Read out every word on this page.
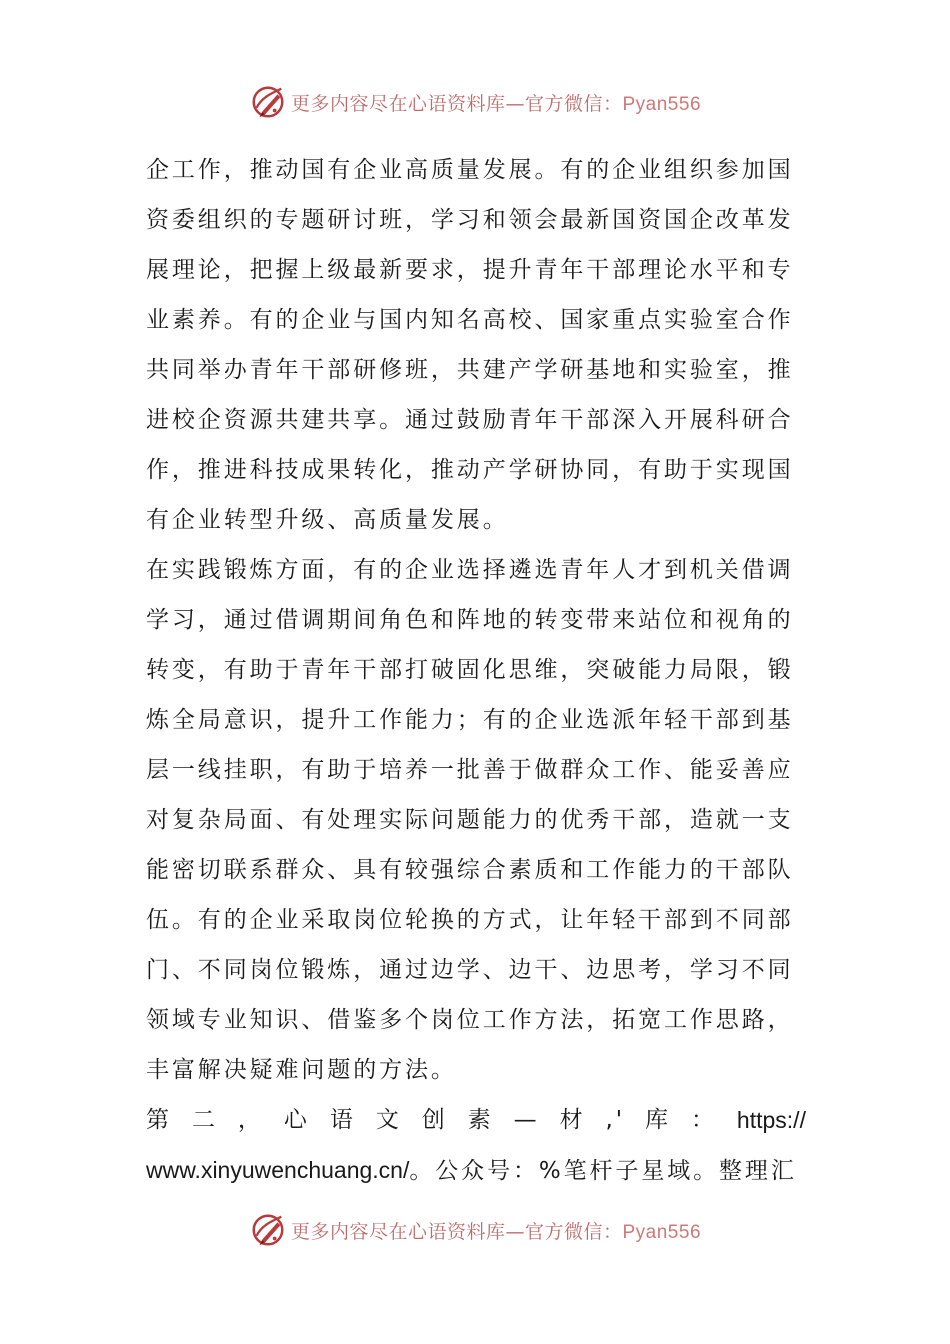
更多内容尽在心语资料库—官方微信：Pyan556
企工作，推动国有企业高质量发展。有的企业组织参加国
资委组织的专题研讨班，学习和领会最新国资国企改革发
展理论，把握上级最新要求，提升青年干部理论水平和专
业素养。有的企业与国内知名高校、国家重点实验室合作
共同举办青年干部研修班，共建产学研基地和实验室，推
进校企资源共建共享。通过鼓励青年干部深入开展科研合
作，推进科技成果转化，推动产学研协同，有助于实现国
有企业转型升级、高质量发展。
在实践锻炼方面，有的企业选择遴选青年人才到机关借调
学习，通过借调期间角色和阵地的转变带来站位和视角的
转变，有助于青年干部打破固化思维，突破能力局限，锻
炼全局意识，提升工作能力；有的企业选派年轻干部到基
层一线挂职，有助于培养一批善于做群众工作、能妥善应
对复杂局面、有处理实际问题能力的优秀干部，造就一支
能密切联系群众、具有较强综合素质和工作能力的干部队
伍。有的企业采取岗位轮换的方式，让年轻干部到不同部
门、不同岗位锻炼，通过边学、边干、边思考，学习不同
领域专业知识、借鉴多个岗位工作方法，拓宽工作思路，
丰富解决疑难问题的方法。
第 二 ， 心 语 文 创 素 — 材 ,' 库 ： https://
www.xinyuwenchuang.cn/。公众号：%笔杆子星域。整理汇
更多内容尽在心语资料库—官方微信：Pyan556
